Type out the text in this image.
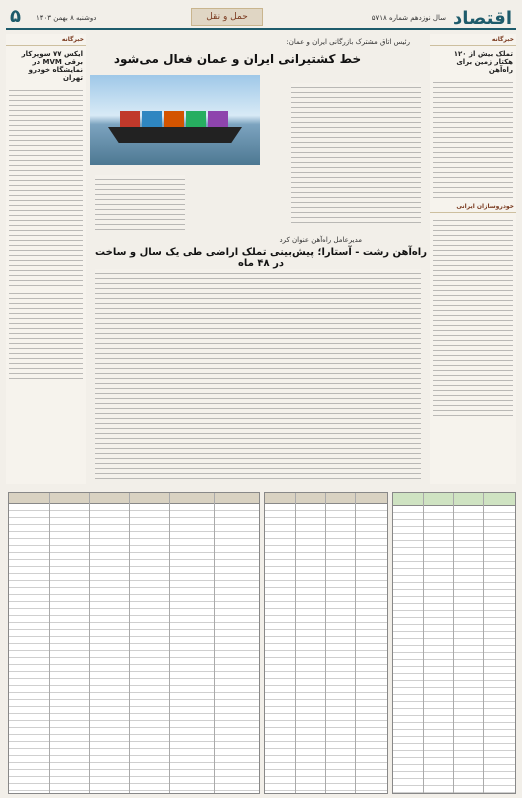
اقتصاد
سال نوزدهم شماره ۵۷۱۸
حمل و نقل
دوشنبه ۸ بهمن ۱۴۰۳
۵
خبرگانه
تملک بیش از ۱۲۰ هکتار زمین برای راه‌آهن
خودروسازان ایرانی
خبرگانه
ایکس ۷۷ سوپرکار برقی MVM در نمایشگاه خودرو تهران
رئیس اتاق مشترک بازرگانی ایران و عمان:
خط کشتیرانی ایران و عمان فعال می‌شود
مدیرعامل راه‌آهن عنوان کرد
راه‌آهن رشت - آستارا؛ پیش‌بینی تملک اراضی طی یک سال و ساخت در ۴۸ ماه
